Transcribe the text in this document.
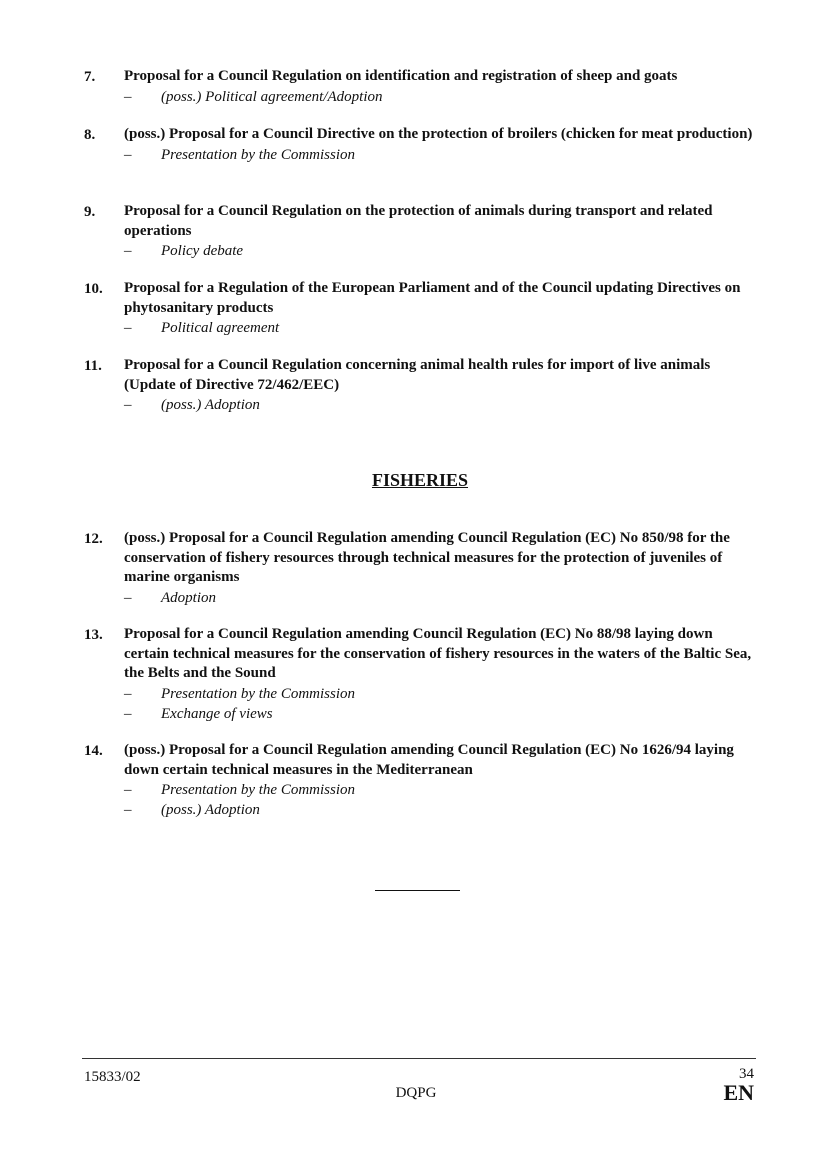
7. Proposal for a Council Regulation on identification and registration of sheep and goats
– (poss.) Political agreement/Adoption
8. (poss.) Proposal for a Council Directive on the protection of broilers (chicken for meat production)
– Presentation by the Commission
9. Proposal for a Council Regulation on the protection of animals during transport and related operations
– Policy debate
10. Proposal for a Regulation of the European Parliament and of the Council updating Directives on phytosanitary products
– Political agreement
11. Proposal for a Council Regulation concerning animal health rules for import of live animals (Update of Directive 72/462/EEC)
– (poss.) Adoption
FISHERIES
12. (poss.) Proposal for a Council Regulation amending Council Regulation (EC) No 850/98 for the conservation of fishery resources through technical measures for the protection of juveniles of marine organisms
– Adoption
13. Proposal for a Council Regulation amending Council Regulation (EC) No 88/98 laying down certain technical measures for the conservation of fishery resources in the waters of the Baltic Sea, the Belts and the Sound
– Presentation by the Commission
– Exchange of views
14. (poss.) Proposal for a Council Regulation amending Council Regulation (EC) No 1626/94 laying down certain technical measures in the Mediterranean
– Presentation by the Commission
– (poss.) Adoption
15833/02	34
DQPG	EN
